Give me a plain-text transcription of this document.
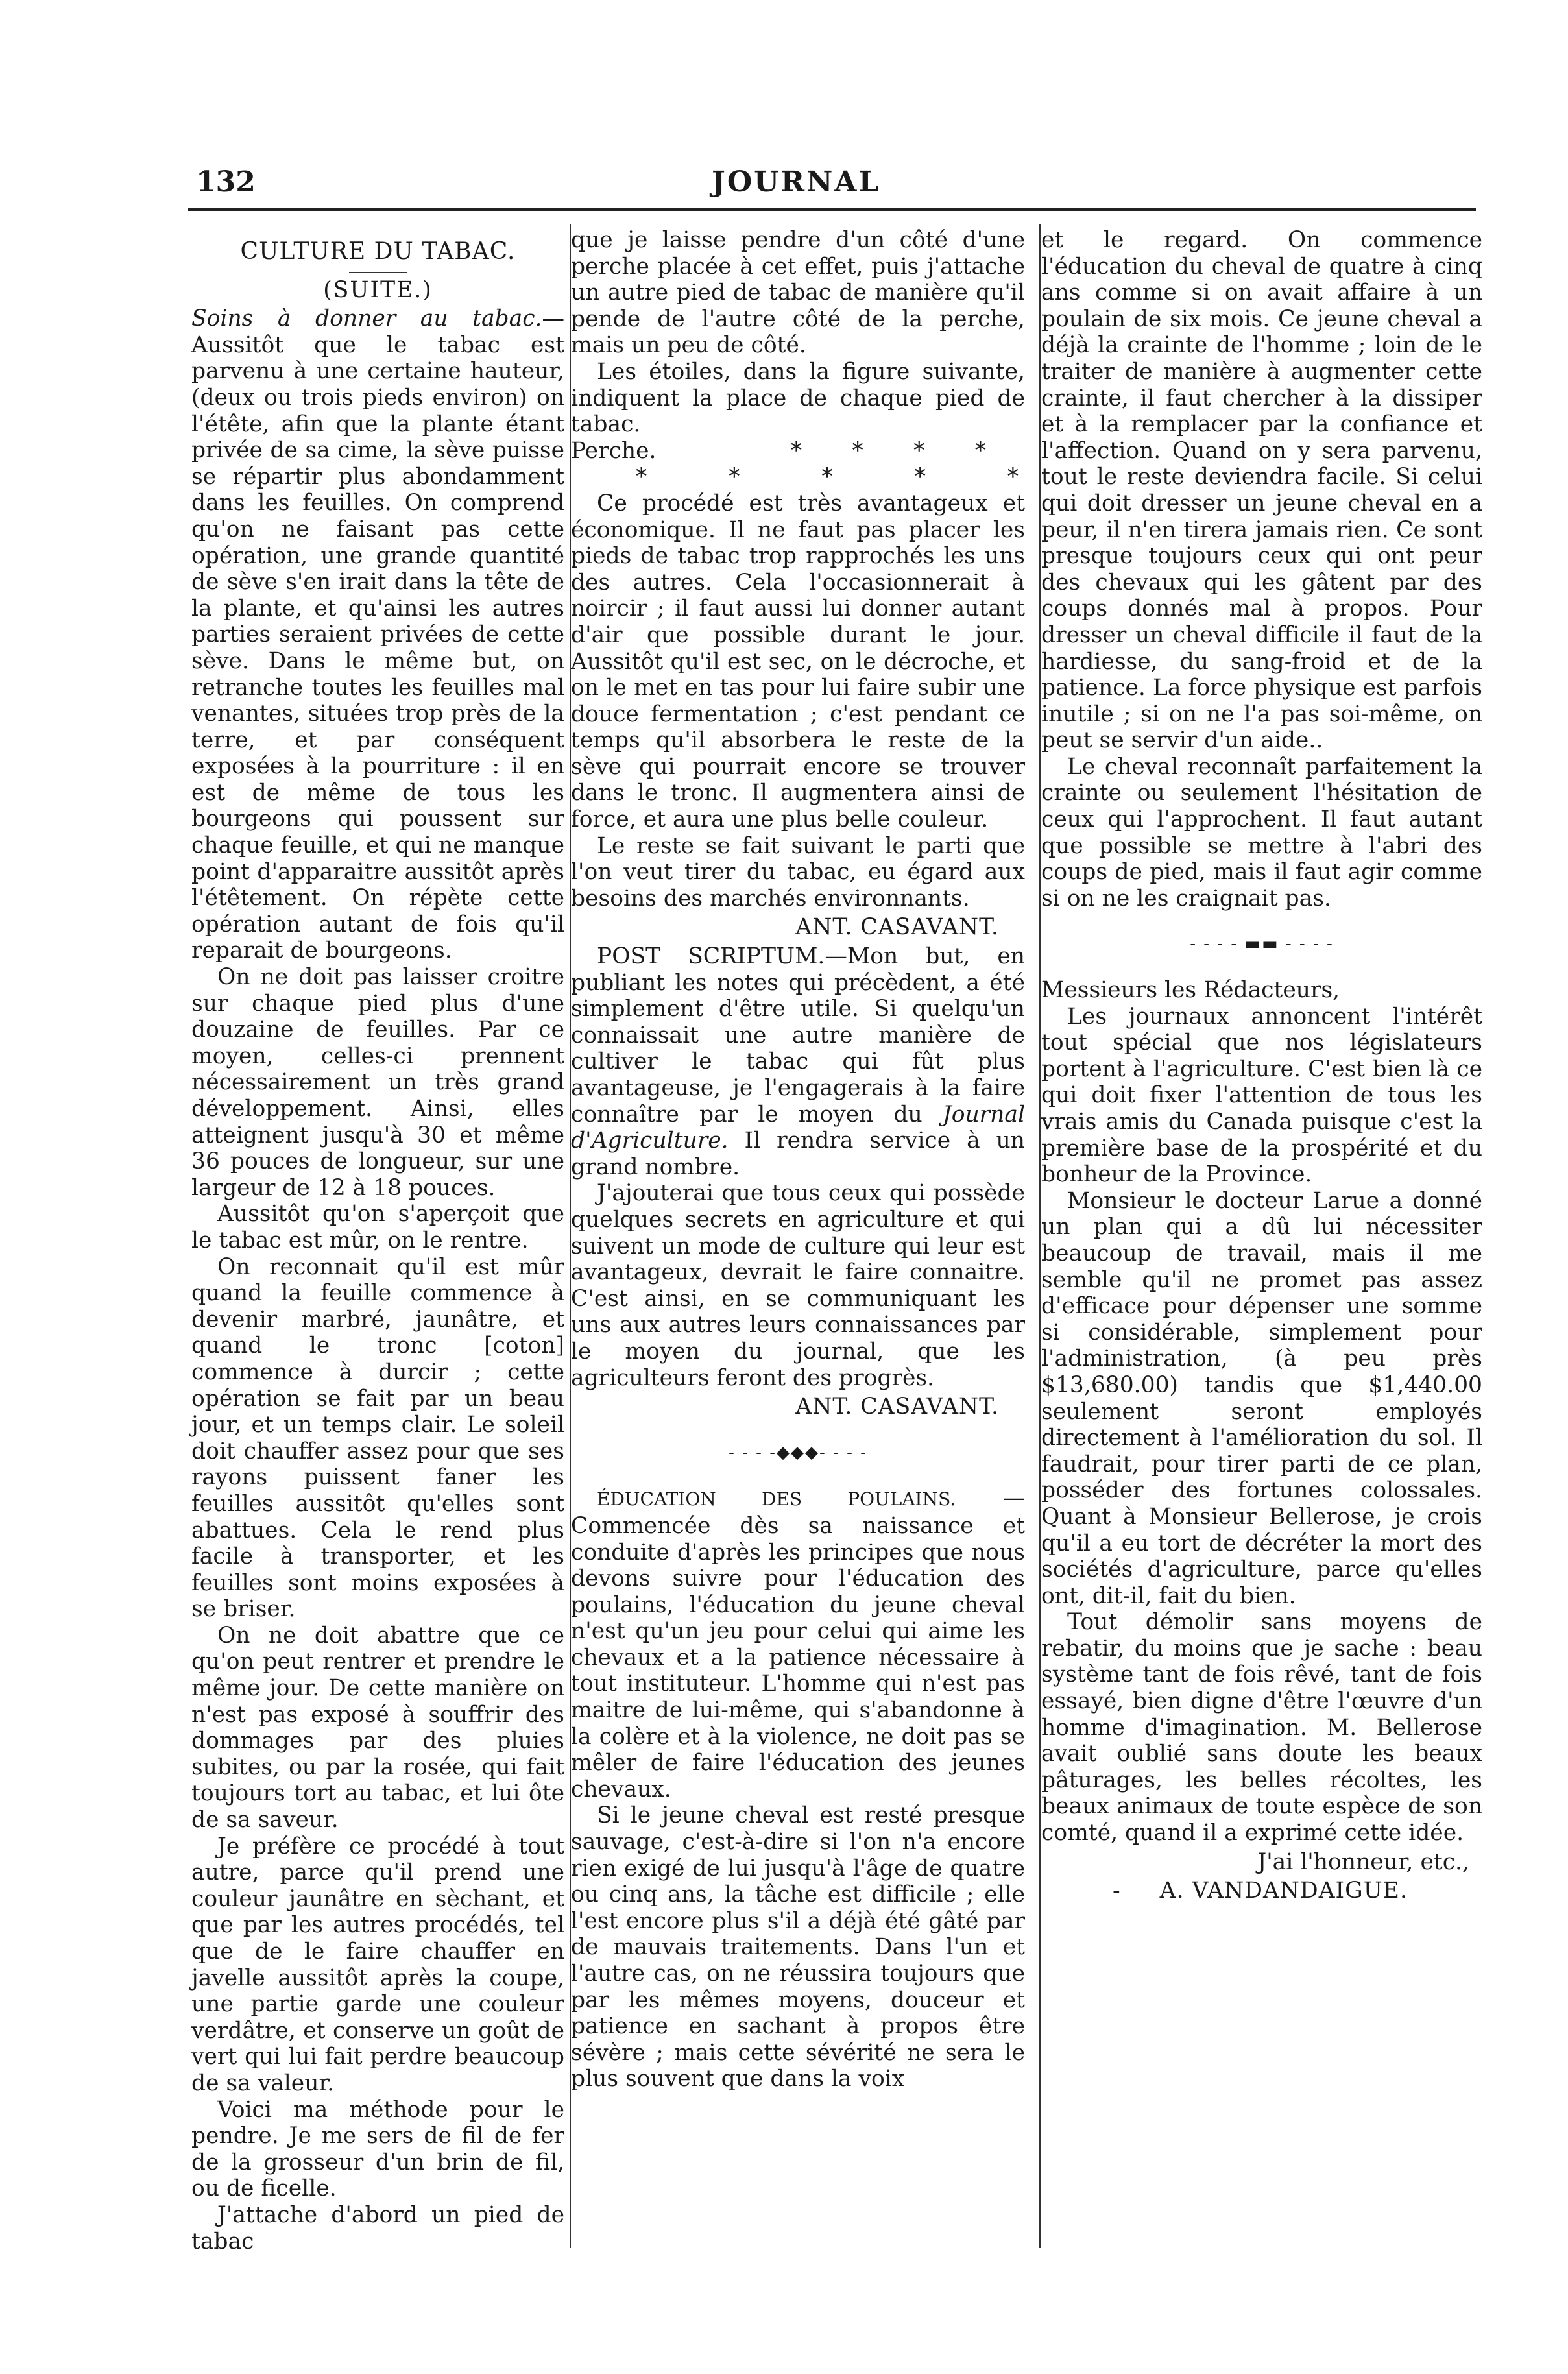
132	JOURNAL
CULTURE DU TABAC.
(SUITE.)

Soins à donner au tabac.—Aussitôt que le tabac est parvenu à une certaine hauteur, (deux ou trois pieds environ) on l'étête, afin que la plante étant privée de sa cime, la sève puisse se répartir plus abondamment dans les feuilles. On comprend qu'on ne faisant pas cette opération, une grande quantité de sève s'en irait dans la tête de la plante, et qu'ainsi les autres parties seraient privées de cette sève. Dans le même but, on retranche toutes les feuilles mal venantes, situées trop près de la terre, et par conséquent exposées à la pourriture : il en est de même de tous les bourgeons qui poussent sur chaque feuille, et qui ne manque point d'apparaitre aussitôt après l'étêtement. On répète cette opération autant de fois qu'il reparait de bourgeons.

On ne doit pas laisser croitre sur chaque pied plus d'une douzaine de feuilles. Par ce moyen, celles-ci prennent nécessairement un très grand développement. Ainsi, elles atteignent jusqu'à 30 et même 36 pouces de longueur, sur une largeur de 12 à 18 pouces.

Aussitôt qu'on s'aperçoit que le tabac est mûr, on le rentre.

On reconnait qu'il est mûr quand la feuille commence à devenir marbré, jaunâtre, et quand le tronc [coton] commence à durcir ; cette opération se fait par un beau jour, et un temps clair. Le soleil doit chauffer assez pour que ses rayons puissent faner les feuilles aussitôt qu'elles sont abattues. Cela le rend plus facile à transporter, et les feuilles sont moins exposées à se briser.

On ne doit abattre que ce qu'on peut rentrer et prendre le même jour. De cette manière on n'est pas exposé à souffrir des dommages par des pluies subites, ou par la rosée, qui fait toujours tort au tabac, et lui ôte de sa saveur.

Je préfère ce procédé à tout autre, parce qu'il prend une couleur jaunâtre en sèchant, et que par les autres procédés, tel que de le faire chauffer en javelle aussitôt après la coupe, une partie garde une couleur verdâtre, et conserve un goût de vert qui lui fait perdre beaucoup de sa valeur.

Voici ma méthode pour le pendre. Je me sers de fil de fer de la grosseur d'un brin de fil, ou de ficelle.

J'attache d'abord un pied de tabac

que je laisse pendre d'un côté d'une perche placée à cet effet, puis j'attache un autre pied de tabac de manière qu'il pende de l'autre côté de la perche, mais un peu de côté.

Les étoiles, dans la figure suivante, indiquent la place de chaque pied de tabac.

Perche.	* * * *
*	*	*	*	*

Ce procédé est très avantageux et économique. Il ne faut pas placer les pieds de tabac trop rapprochés les uns des autres. Cela l'occasionnerait à noircir ; il faut aussi lui donner autant d'air que possible durant le jour. Aussitôt qu'il est sec, on le décroche, et on le met en tas pour lui faire subir une douce fermentation ; c'est pendant ce temps qu'il absorbera le reste de la sève qui pourrait encore se trouver dans le tronc. Il augmentera ainsi de force, et aura une plus belle couleur.

Le reste se fait suivant le parti que l'on veut tirer du tabac, eu égard aux besoins des marchés environnants.

ANT. CASAVANT.

POST SCRIPTUM.—Mon but, en publiant les notes qui précèdent, a été simplement d'être utile. Si quelqu'un connaissait une autre manière de cultiver le tabac qui fût plus avantageuse, je l'engagerais à la faire connaître par le moyen du Journal d'Agriculture. Il rendra service à un grand nombre.

J'ajouterai que tous ceux qui possède quelques secrets en agriculture et qui suivent un mode de culture qui leur est avantageux, devrait le faire connaitre. C'est ainsi, en se communiquant les uns aux autres leurs connaissances par le moyen du journal, que les agriculteurs feront des progrès.

ANT. CASAVANT.
- - - -◆◆◆- - - -

ÉDUCATION DES POULAINS. — Commencée dès sa naissance et conduite d'après les principes que nous devons suivre pour l'éducation des poulains, l'éducation du jeune cheval n'est qu'un jeu pour celui qui aime les chevaux et a la patience nécessaire à tout instituteur. L'homme qui n'est pas maitre de lui-même, qui s'abandonne à la colère et à la violence, ne doit pas se mêler de faire l'éducation des jeunes chevaux.

Si le jeune cheval est resté presque sauvage, c'est-à-dire si l'on n'a encore rien exigé de lui jusqu'à l'âge de quatre ou cinq ans, la tâche est difficile ; elle l'est encore plus s'il a déjà été gâté par de mauvais traitements. Dans l'un et l'autre cas, on ne réussira toujours que par les mêmes moyens, douceur et patience en sachant à propos être sévère ; mais cette sévérité ne sera le plus souvent que dans la voix

et le regard. On commence l'éducation du cheval de quatre à cinq ans comme si on avait affaire à un poulain de six mois. Ce jeune cheval a déjà la crainte de l'homme ; loin de le traiter de manière à augmenter cette crainte, il faut chercher à la dissiper et à la remplacer par la confiance et l'affection. Quand on y sera parvenu, tout le reste deviendra facile. Si celui qui doit dresser un jeune cheval en a peur, il n'en tirera jamais rien. Ce sont presque toujours ceux qui ont peur des chevaux qui les gâtent par des coups donnés mal à propos. Pour dresser un cheval difficile il faut de la hardiesse, du sang-froid et de la patience. La force physique est parfois inutile ; si on ne l'a pas soi-même, on peut se servir d'un aide..

Le cheval reconnaît parfaitement la crainte ou seulement l'hésitation de ceux qui l'approchent. Il faut autant que possible se mettre à l'abri des coups de pied, mais il faut agir comme si on ne les craignait pas.

- - - - ▬▬ - - - -

Messieurs les Rédacteurs,

Les journaux annoncent l'intérêt tout spécial que nos législateurs portent à l'agriculture. C'est bien là ce qui doit fixer l'attention de tous les vrais amis du Canada puisque c'est la première base de la prospérité et du bonheur de la Province.

Monsieur le docteur Larue a donné un plan qui a dû lui nécessiter beaucoup de travail, mais il me semble qu'il ne promet pas assez d'efficace pour dépenser une somme si considérable, simplement pour l'administration, (à peu près $13,680.00) tandis que $1,440.00 seulement seront employés directement à l'amélioration du sol. Il faudrait, pour tirer parti de ce plan, posséder des fortunes colossales. Quant à Monsieur Bellerose, je crois qu'il a eu tort de décréter la mort des sociétés d'agriculture, parce qu'elles ont, dit-il, fait du bien.

Tout démolir sans moyens de rebatir, du moins que je sache : beau système tant de fois rêvé, tant de fois essayé, bien digne d'être l'œuvre d'un homme d'imagination. M. Bellerose avait oublié sans doute les beaux pâturages, les belles récoltes, les beaux animaux de toute espèce de son comté, quand il a exprimé cette idée.

J'ai l'honneur, etc.,
- A. VANDANDAIGUE.
